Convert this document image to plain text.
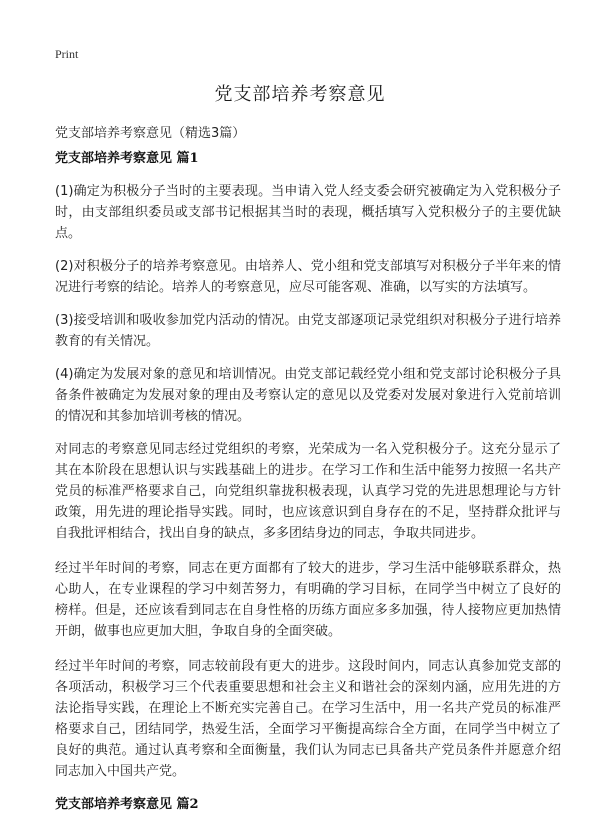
Print
党支部培养考察意见
党支部培养考察意见（精选3篇）
党支部培养考察意见 篇1

(1)确定为积极分子当时的主要表现。当申请入党人经支委会研究被确定为入党积极分子时，由支部组织委员或支部书记根据其当时的表现，概括填写入党积极分子的主要优缺点。

(2)对积极分子的培养考察意见。由培养人、党小组和党支部填写对积极分子半年来的情况进行考察的结论。培养人的考察意见，应尽可能客观、准确，以写实的方法填写。

(3)接受培训和吸收参加党内活动的情况。由党支部逐项记录党组织对积极分子进行培养教育的有关情况。

(4)确定为发展对象的意见和培训情况。由党支部记载经党小组和党支部讨论积极分子具备条件被确定为发展对象的理由及考察认定的意见以及党委对发展对象进行入党前培训的情况和其参加培训考核的情况。

对同志的考察意见同志经过党组织的考察，光荣成为一名入党积极分子。这充分显示了其在本阶段在思想认识与实践基础上的进步。在学习工作和生活中能努力按照一名共产党员的标准严格要求自己，向党组织靠拢积极表现，认真学习党的先进思想理论与方针政策，用先进的理论指导实践。同时，也应该意识到自身存在的不足，坚持群众批评与自我批评相结合，找出自身的缺点，多多团结身边的同志，争取共同进步。

经过半年时间的考察，同志在更方面都有了较大的进步，学习生活中能够联系群众，热心助人，在专业课程的学习中刻苦努力，有明确的学习目标，在同学当中树立了良好的榜样。但是，还应该看到同志在自身性格的历练方面应多多加强，待人接物应更加热情开朗，做事也应更加大胆，争取自身的全面突破。

经过半年时间的考察，同志较前段有更大的进步。这段时间内，同志认真参加党支部的各项活动，积极学习三个代表重要思想和社会主义和谐社会的深刻内涵，应用先进的方法论指导实践，在理论上不断充实完善自己。在学习生活中，用一名共产党员的标准严格要求自己，团结同学，热爱生活，全面学习平衡提高综合全方面，在同学当中树立了良好的典范。通过认真考察和全面衡量，我们认为同志已具备共产党员条件并愿意介绍同志加入中国共产党。

党支部培养考察意见 篇2
